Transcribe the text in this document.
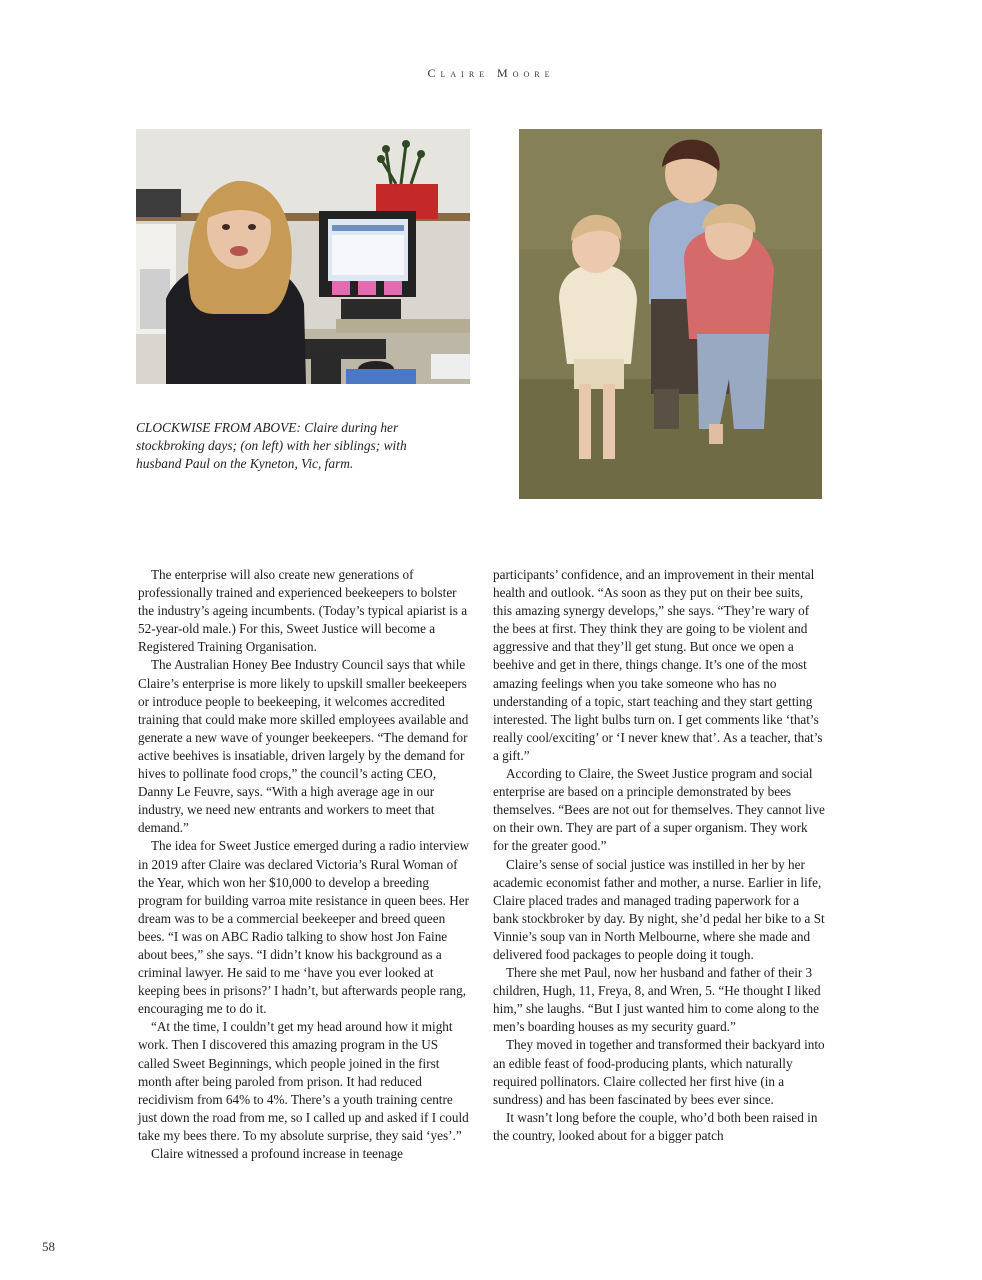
Claire Moore
CLOCKWISE FROM ABOVE: Claire during her stockbroking days; (on left) with her siblings; with husband Paul on the Kyneton, Vic, farm.

The enterprise will also create new generations of professionally trained and experienced beekeepers to bolster the industry’s ageing incumbents. (Today’s typical apiarist is a 52-year-old male.) For this, Sweet Justice will become a Registered Training Organisation.

The Australian Honey Bee Industry Council says that while Claire’s enterprise is more likely to upskill smaller beekeepers or introduce people to beekeeping, it welcomes accredited training that could make more skilled employees available and generate a new wave of younger beekeepers. “The demand for active beehives is insatiable, driven largely by the demand for hives to pollinate food crops,” the council’s acting CEO, Danny Le Feuvre, says. “With a high average age in our industry, we need new entrants and workers to meet that demand.”

The idea for Sweet Justice emerged during a radio interview in 2019 after Claire was declared Victoria’s Rural Woman of the Year, which won her $10,000 to develop a breeding program for building varroa mite resistance in queen bees. Her dream was to be a commercial beekeeper and breed queen bees. “I was on ABC Radio talking to show host Jon Faine about bees,” she says. “I didn’t know his background as a criminal lawyer. He said to me ‘have you ever looked at keeping bees in prisons?’ I hadn’t, but afterwards people rang, encouraging me to do it.

“At the time, I couldn’t get my head around how it might work. Then I discovered this amazing program in the US called Sweet Beginnings, which people joined in the first month after being paroled from prison. It had reduced recidivism from 64% to 4%. There’s a youth training centre just down the road from me, so I called up and asked if I could take my bees there. To my absolute surprise, they said ‘yes’.”

Claire witnessed a profound increase in teenage

participants’ confidence, and an improvement in their mental health and outlook. “As soon as they put on their bee suits, this amazing synergy develops,” she says. “They’re wary of the bees at first. They think they are going to be violent and aggressive and that they’ll get stung. But once we open a beehive and get in there, things change. It’s one of the most amazing feelings when you take someone who has no understanding of a topic, start teaching and they start getting interested. The light bulbs turn on. I get comments like ‘that’s really cool/exciting’ or ‘I never knew that’. As a teacher, that’s a gift.”

According to Claire, the Sweet Justice program and social enterprise are based on a principle demonstrated by bees themselves. “Bees are not out for themselves. They cannot live on their own. They are part of a super organism. They work for the greater good.”

Claire’s sense of social justice was instilled in her by her academic economist father and mother, a nurse. Earlier in life, Claire placed trades and managed trading paperwork for a bank stockbroker by day. By night, she’d pedal her bike to a St Vinnie’s soup van in North Melbourne, where she made and delivered food packages to people doing it tough.

There she met Paul, now her husband and father of their 3 children, Hugh, 11, Freya, 8, and Wren, 5. “He thought I liked him,” she laughs. “But I just wanted him to come along to the men’s boarding houses as my security guard.”

They moved in together and transformed their backyard into an edible feast of food-producing plants, which naturally required pollinators. Claire collected her first hive (in a sundress) and has been fascinated by bees ever since.

It wasn’t long before the couple, who’d both been raised in the country, looked about for a bigger patch

58
